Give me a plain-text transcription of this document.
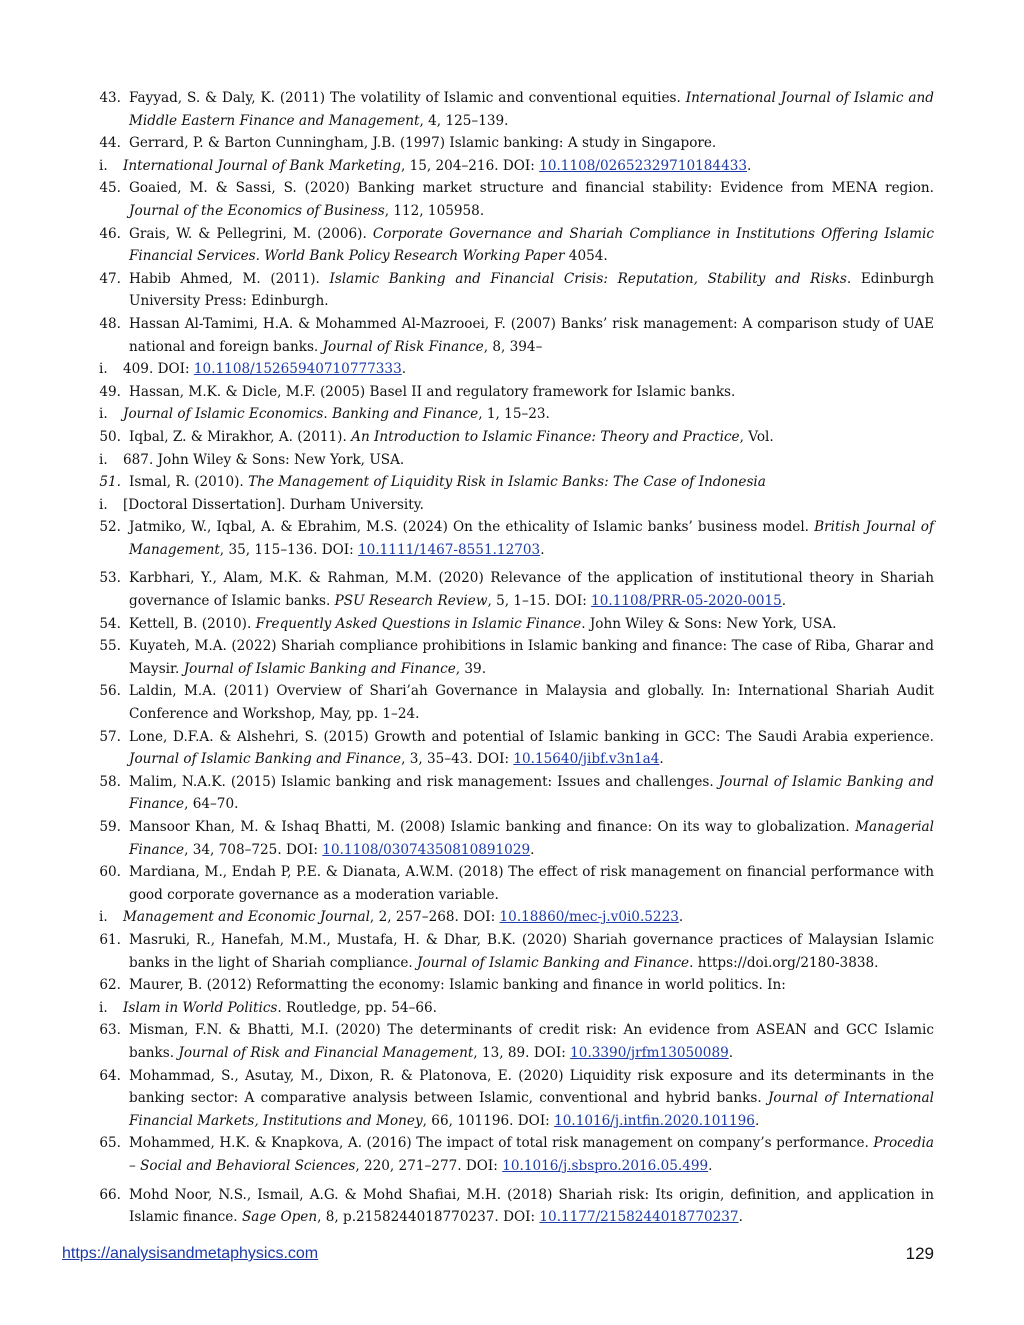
43. Fayyad, S. & Daly, K. (2011) The volatility of Islamic and conventional equities. International Journal of Islamic and Middle Eastern Finance and Management, 4, 125–139.
44. Gerrard, P. & Barton Cunningham, J.B. (1997) Islamic banking: A study in Singapore.
i.	International Journal of Bank Marketing, 15, 204–216. DOI: 10.1108/02652329710184433.
45. Goaied, M. & Sassi, S. (2020) Banking market structure and financial stability: Evidence from MENA region. Journal of the Economics of Business, 112, 105958.
46. Grais, W. & Pellegrini, M. (2006). Corporate Governance and Shariah Compliance in Institutions Offering Islamic Financial Services. World Bank Policy Research Working Paper 4054.
47. Habib Ahmed, M. (2011). Islamic Banking and Financial Crisis: Reputation, Stability and Risks. Edinburgh University Press: Edinburgh.
48. Hassan Al-Tamimi, H.A. & Mohammed Al-Mazrooei, F. (2007) Banks’ risk management: A comparison study of UAE national and foreign banks. Journal of Risk Finance, 8, 394–
i.	409. DOI: 10.1108/15265940710777333.
49. Hassan, M.K. & Dicle, M.F. (2005) Basel II and regulatory framework for Islamic banks.
i.	Journal of Islamic Economics. Banking and Finance, 1, 15–23.
50. Iqbal, Z. & Mirakhor, A. (2011). An Introduction to Islamic Finance: Theory and Practice, Vol.
i.	687. John Wiley & Sons: New York, USA.
51. Ismal, R. (2010). The Management of Liquidity Risk in Islamic Banks: The Case of Indonesia
i.	[Doctoral Dissertation]. Durham University.
52. Jatmiko, W., Iqbal, A. & Ebrahim, M.S. (2024) On the ethicality of Islamic banks’ business model. British Journal of Management, 35, 115–136. DOI: 10.1111/1467-8551.12703.
53. Karbhari, Y., Alam, M.K. & Rahman, M.M. (2020) Relevance of the application of institutional theory in Shariah governance of Islamic banks. PSU Research Review, 5, 1–15. DOI: 10.1108/PRR-05-2020-0015.
54. Kettell, B. (2010). Frequently Asked Questions in Islamic Finance. John Wiley & Sons: New York, USA.
55. Kuyateh, M.A. (2022) Shariah compliance prohibitions in Islamic banking and finance: The case of Riba, Gharar and Maysir. Journal of Islamic Banking and Finance, 39.
56. Laldin, M.A. (2011) Overview of Shari’ah Governance in Malaysia and globally. In: International Shariah Audit Conference and Workshop, May, pp. 1–24.
57. Lone, D.F.A. & Alshehri, S. (2015) Growth and potential of Islamic banking in GCC: The Saudi Arabia experience. Journal of Islamic Banking and Finance, 3, 35–43. DOI: 10.15640/jibf.v3n1a4.
58. Malim, N.A.K. (2015) Islamic banking and risk management: Issues and challenges. Journal of Islamic Banking and Finance, 64–70.
59. Mansoor Khan, M. & Ishaq Bhatti, M. (2008) Islamic banking and finance: On its way to globalization. Managerial Finance, 34, 708–725. DOI: 10.1108/03074350810891029.
60. Mardiana, M., Endah P, P.E. & Dianata, A.W.M. (2018) The effect of risk management on financial performance with good corporate governance as a moderation variable.
i.	Management and Economic Journal, 2, 257–268. DOI: 10.18860/mec-j.v0i0.5223.
61. Masruki, R., Hanefah, M.M., Mustafa, H. & Dhar, B.K. (2020) Shariah governance practices of Malaysian Islamic banks in the light of Shariah compliance. Journal of Islamic Banking and Finance. https://doi.org/2180-3838.
62. Maurer, B. (2012) Reformatting the economy: Islamic banking and finance in world politics. In:
i.	Islam in World Politics. Routledge, pp. 54–66.
63. Misman, F.N. & Bhatti, M.I. (2020) The determinants of credit risk: An evidence from ASEAN and GCC Islamic banks. Journal of Risk and Financial Management, 13, 89. DOI: 10.3390/jrfm13050089.
64. Mohammad, S., Asutay, M., Dixon, R. & Platonova, E. (2020) Liquidity risk exposure and its determinants in the banking sector: A comparative analysis between Islamic, conventional and hybrid banks. Journal of International Financial Markets, Institutions and Money, 66, 101196. DOI: 10.1016/j.intfin.2020.101196.
65. Mohammed, H.K. & Knapkova, A. (2016) The impact of total risk management on company’s performance. Procedia – Social and Behavioral Sciences, 220, 271–277. DOI: 10.1016/j.sbspro.2016.05.499.
66. Mohd Noor, N.S., Ismail, A.G. & Mohd Shafiai, M.H. (2018) Shariah risk: Its origin, definition, and application in Islamic finance. Sage Open, 8, p.2158244018770237. DOI: 10.1177/2158244018770237.
https://analysisandmetaphysics.com	129
